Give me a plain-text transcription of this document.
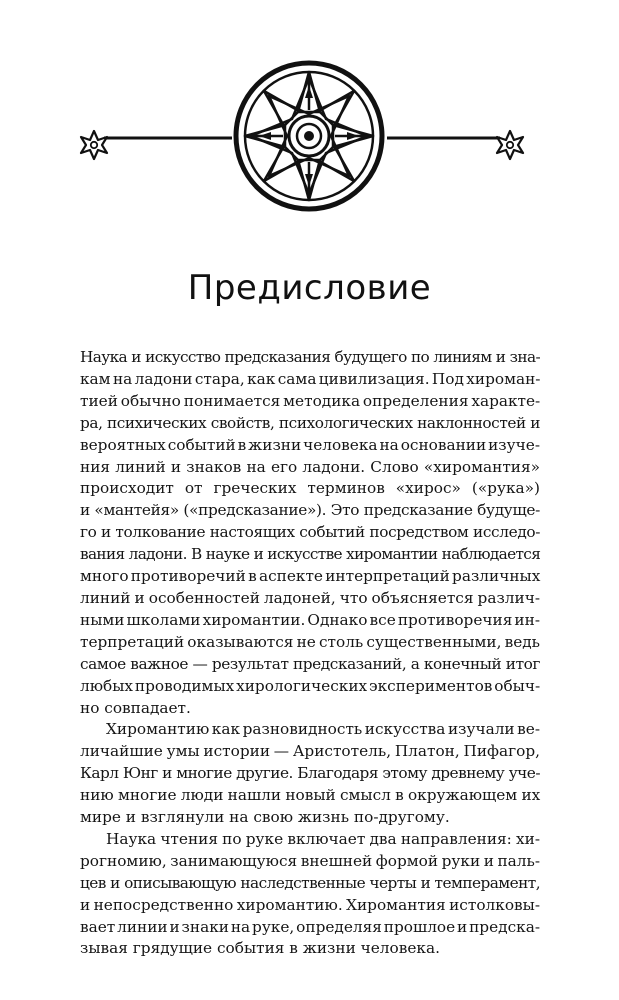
Предисловие

Наука и искусство предсказания будущего по линиям и зна-
кам на ладони стара, как сама цивилизация. Под хироман-
тией обычно понимается методика определения характе-
ра, психических свойств, психологических наклонностей и
вероятных событий в жизни человека на основании изуче-
ния линий и знаков на его ладони. Слово «хиромантия»
происходит от греческих терминов «хирос» («рука»)
и «мантейя» («предсказание»). Это предсказание будуще-
го и толкование настоящих событий посредством исследо-
вания ладони. В науке и искусстве хиромантии наблюдается
много противоречий в аспекте интерпретаций различных
линий и особенностей ладоней, что объясняется различ-
ными школами хиромантии. Однако все противоречия ин-
терпретаций оказываются не столь существенными, ведь
самое важное — результат предсказаний, а конечный итог
любых проводимых хирологических экспериментов обыч-
но совпадает.

Хиромантию как разновидность искусства изучали ве-
личайшие умы истории — Аристотель, Платон, Пифагор,
Карл Юнг и многие другие. Благодаря этому древнему уче-
нию многие люди нашли новый смысл в окружающем их
мире и взглянули на свою жизнь по-другому.

Наука чтения по руке включает два направления: хи-
рогномию, занимающуюся внешней формой руки и паль-
цев и описывающую наследственные черты и темперамент,
и непосредственно хиромантию. Хиромантия истолковы-
вает линии и знаки на руке, определяя прошлое и предска-
зывая грядущие события в жизни человека.
